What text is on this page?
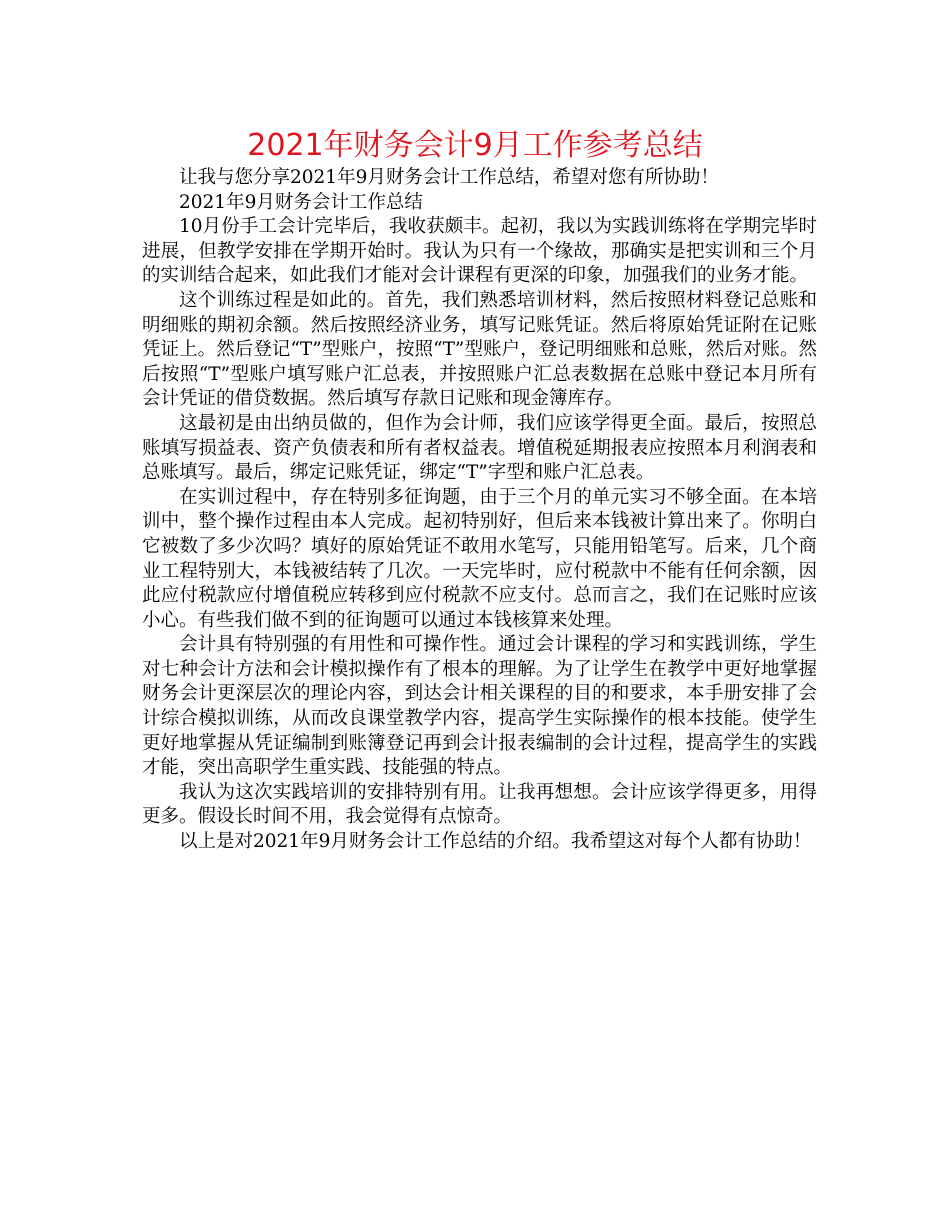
2021年财务会计9月工作参考总结

让我与您分享2021年9月财务会计工作总结，希望对您有所协助！

2021年9月财务会计工作总结

10月份手工会计完毕后，我收获颇丰。起初，我以为实践训练将在学期完毕时进展，但教学安排在学期开始时。我认为只有一个缘故，那确实是把实训和三个月的实训结合起来，如此我们才能对会计课程有更深的印象，加强我们的业务才能。

这个训练过程是如此的。首先，我们熟悉培训材料，然后按照材料登记总账和明细账的期初余额。然后按照经济业务，填写记账凭证。然后将原始凭证附在记账凭证上。然后登记“T”型账户，按照“T”型账户，登记明细账和总账，然后对账。然后按照“T”型账户填写账户汇总表，并按照账户汇总表数据在总账中登记本月所有会计凭证的借贷数据。然后填写存款日记账和现金簿库存。

这最初是由出纳员做的，但作为会计师，我们应该学得更全面。最后，按照总账填写损益表、资产负债表和所有者权益表。增值税延期报表应按照本月利润表和总账填写。最后，绑定记账凭证，绑定“T”字型和账户汇总表。

在实训过程中，存在特别多征询题，由于三个月的单元实习不够全面。在本培训中，整个操作过程由本人完成。起初特别好，但后来本钱被计算出来了。你明白它被数了多少次吗？填好的原始凭证不敢用水笔写，只能用铅笔写。后来，几个商业工程特别大，本钱被结转了几次。一天完毕时，应付税款中不能有任何余额，因此应付税款应付增值税应转移到应付税款不应支付。总而言之，我们在记账时应该小心。有些我们做不到的征询题可以通过本钱核算来处理。

会计具有特别强的有用性和可操作性。通过会计课程的学习和实践训练，学生对七种会计方法和会计模拟操作有了根本的理解。为了让学生在教学中更好地掌握财务会计更深层次的理论内容，到达会计相关课程的目的和要求，本手册安排了会计综合模拟训练，从而改良课堂教学内容，提高学生实际操作的根本技能。使学生更好地掌握从凭证编制到账簿登记再到会计报表编制的会计过程，提高学生的实践才能，突出高职学生重实践、技能强的特点。

我认为这次实践培训的安排特别有用。让我再想想。会计应该学得更多，用得更多。假设长时间不用，我会觉得有点惊奇。

以上是对2021年9月财务会计工作总结的介绍。我希望这对每个人都有协助！
